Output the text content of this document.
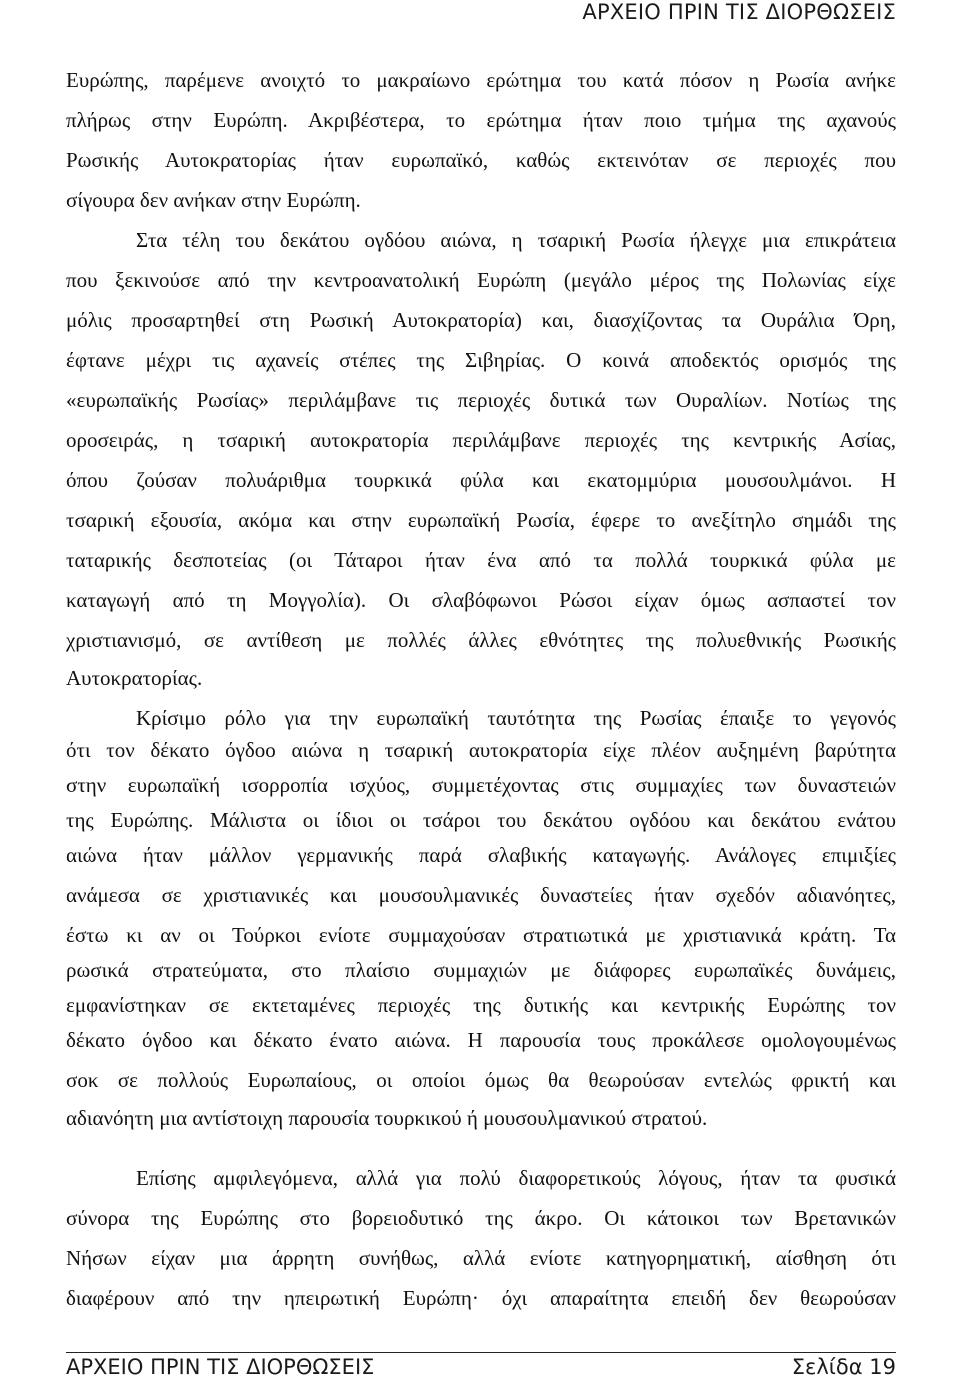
ΑΡΧΕΙΟ ΠΡΙΝ ΤΙΣ ΔΙΟΡΘΩΣΕΙΣ
Ευρώπης, παρέμενε ανοιχτό το μακραίωνο ερώτημα του κατά πόσον η Ρωσία ανήκε
πλήρως στην Ευρώπη. Ακριβέστερα, το ερώτημα ήταν ποιο τμήμα της αχανούς
Ρωσικής Αυτοκρατορίας ήταν ευρωπαϊκό, καθώς εκτεινόταν σε περιοχές που
σίγουρα δεν ανήκαν στην Ευρώπη.
Στα τέλη του δεκάτου ογδόου αιώνα, η τσαρική Ρωσία ήλεγχε μια επικράτεια
που ξεκινούσε από την κεντροανατολική Ευρώπη (μεγάλο μέρος της Πολωνίας είχε
μόλις προσαρτηθεί στη Ρωσική Αυτοκρατορία) και, διασχίζοντας τα Ουράλια Όρη,
έφτανε μέχρι τις αχανείς στέπες της Σιβηρίας. Ο κοινά αποδεκτός ορισμός της
«ευρωπαϊκής Ρωσίας» περιλάμβανε τις περιοχές δυτικά των Ουραλίων. Νοτίως της
οροσειράς, η τσαρική αυτοκρατορία περιλάμβανε περιοχές της κεντρικής Ασίας,
όπου ζούσαν πολυάριθμα τουρκικά φύλα και εκατομμύρια μουσουλμάνοι. Η
τσαρική εξουσία, ακόμα και στην ευρωπαϊκή Ρωσία, έφερε το ανεξίτηλο σημάδι της
ταταρικής δεσποτείας (οι Τάταροι ήταν ένα από τα πολλά τουρκικά φύλα με
καταγωγή από τη Μογγολία). Οι σλαβόφωνοι Ρώσοι είχαν όμως ασπαστεί τον
χριστιανισμό, σε αντίθεση με πολλές άλλες εθνότητες της πολυεθνικής Ρωσικής
Αυτοκρατορίας.
Κρίσιμο ρόλο για την ευρωπαϊκή ταυτότητα της Ρωσίας έπαιξε το γεγονός
ότι τον δέκατο όγδοο αιώνα η τσαρική αυτοκρατορία είχε πλέον αυξημένη βαρύτητα
στην ευρωπαϊκή ισορροπία ισχύος, συμμετέχοντας στις συμμαχίες των δυναστειών
της Ευρώπης. Μάλιστα οι ίδιοι οι τσάροι του δεκάτου ογδόου και δεκάτου ενάτου
αιώνα ήταν μάλλον γερμανικής παρά σλαβικής καταγωγής. Ανάλογες επιμιξίες
ανάμεσα σε χριστιανικές και μουσουλμανικές δυναστείες ήταν σχεδόν αδιανόητες,
έστω κι αν οι Τούρκοι ενίοτε συμμαχούσαν στρατιωτικά με χριστιανικά κράτη. Τα
ρωσικά στρατεύματα, στο πλαίσιο συμμαχιών με διάφορες ευρωπαϊκές δυνάμεις,
εμφανίστηκαν σε εκτεταμένες περιοχές της δυτικής και κεντρικής Ευρώπης τον
δέκατο όγδοο και δέκατο ένατο αιώνα. Η παρουσία τους προκάλεσε ομολογουμένως
σοκ σε πολλούς Ευρωπαίους, οι οποίοι όμως θα θεωρούσαν εντελώς φρικτή και
αδιανόητη μια αντίστοιχη παρουσία τουρκικού ή μουσουλμανικού στρατού.
Επίσης αμφιλεγόμενα, αλλά για πολύ διαφορετικούς λόγους, ήταν τα φυσικά
σύνορα της Ευρώπης στο βορειοδυτικό της άκρο. Οι κάτοικοι των Βρετανικών
Νήσων είχαν μια άρρητη συνήθως, αλλά ενίοτε κατηγορηματική, αίσθηση ότι
διαφέρουν από την ηπειρωτική Ευρώπη· όχι απαραίτητα επειδή δεν θεωρούσαν
ΑΡΧΕΙΟ ΠΡΙΝ ΤΙΣ ΔΙΟΡΘΩΣΕΙΣ	Σελίδα 19
